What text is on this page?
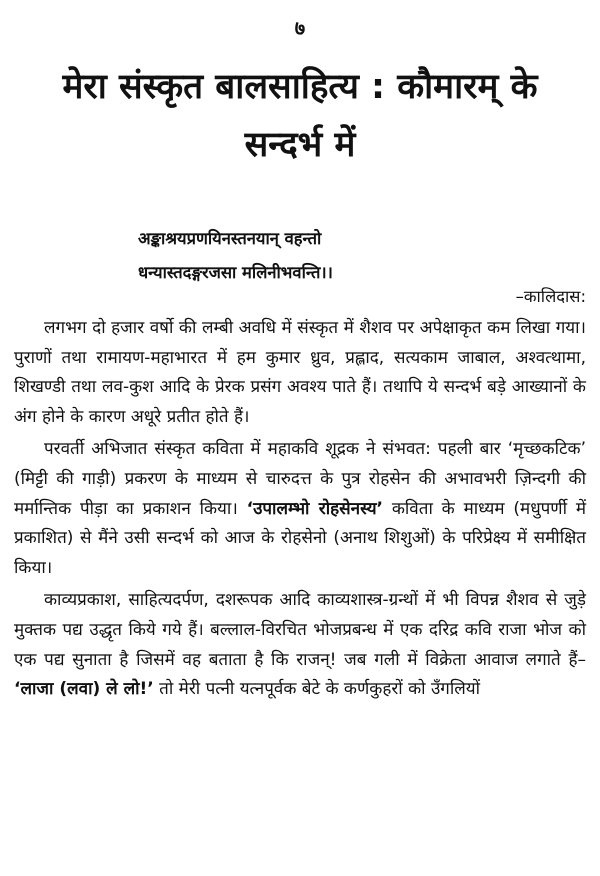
७
मेरा संस्कृत बालसाहित्य : कौमारम् के सन्दर्भ में
अङ्काश्रयप्रणयिनस्तनयान् वहन्तो
धन्यास्तदङ्गरजसा मलिनीभवन्ति।।
–कालिदास:

लगभग दो हजार वर्षो की लम्बी अवधि में संस्कृत में शैशव पर अपेक्षाकृत कम लिखा गया। पुराणों तथा रामायण-महाभारत में हम कुमार ध्रुव, प्रह्लाद, सत्यकाम जाबाल, अश्वत्थामा, शिखण्डी तथा लव-कुश आदि के प्रेरक प्रसंग अवश्य पाते हैं। तथापि ये सन्दर्भ बड़े आख्यानों के अंग होने के कारण अधूरे प्रतीत होते हैं।

परवर्ती अभिजात संस्कृत कविता में महाकवि शूद्रक ने संभवत: पहली बार ‘मृच्छकटिक’ (मिट्टी की गाड़ी) प्रकरण के माध्यम से चारुदत्त के पुत्र रोहसेन की अभावभरी ज़िन्दगी की मर्मान्तिक पीड़ा का प्रकाशन किया। ‘उपालम्भो रोहसेनस्य’ कविता के माध्यम (मधुपर्णी में प्रकाशित) से मैंने उसी सन्दर्भ को आज के रोहसेनो (अनाथ शिशुओं) के परिप्रेक्ष्य में समीक्षित किया।

काव्यप्रकाश, साहित्यदर्पण, दशरूपक आदि काव्यशास्त्र-ग्रन्थों में भी विपन्न शैशव से जुड़े मुक्तक पद्य उद्धृत किये गये हैं। बल्लाल-विरचित भोजप्रबन्ध में एक दरिद्र कवि राजा भोज को एक पद्य सुनाता है जिसमें वह बताता है कि राजन्! जब गली में विक्रेता आवाज लगाते हैं– ‘लाजा (लवा) ले लो!’ तो मेरी पत्नी यत्नपूर्वक बेटे के कर्णकुहरों को उँगलियों
